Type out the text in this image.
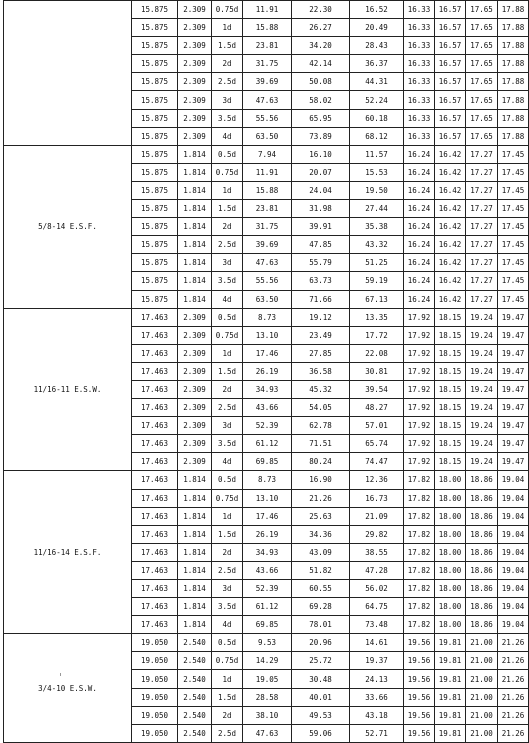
	15.875	2.309	0.75d	11.91	22.30	16.52	16.33	16.57	17.65	17.88
	15.875	2.309	1d	15.88	26.27	20.49	16.33	16.57	17.65	17.88
	15.875	2.309	1.5d	23.81	34.20	28.43	16.33	16.57	17.65	17.88
	15.875	2.309	2d	31.75	42.14	36.37	16.33	16.57	17.65	17.88
	15.875	2.309	2.5d	39.69	50.08	44.31	16.33	16.57	17.65	17.88
	15.875	2.309	3d	47.63	58.02	52.24	16.33	16.57	17.65	17.88
	15.875	2.309	3.5d	55.56	65.95	60.18	16.33	16.57	17.65	17.88
	15.875	2.309	4d	63.50	73.89	68.12	16.33	16.57	17.65	17.88
5/8-14 E.S.F.	15.875	1.814	0.5d	7.94	16.10	11.57	16.24	16.42	17.27	17.45
	15.875	1.814	0.75d	11.91	20.07	15.53	16.24	16.42	17.27	17.45
	15.875	1.814	1d	15.88	24.04	19.50	16.24	16.42	17.27	17.45
	15.875	1.814	1.5d	23.81	31.98	27.44	16.24	16.42	17.27	17.45
	15.875	1.814	2d	31.75	39.91	35.38	16.24	16.42	17.27	17.45
	15.875	1.814	2.5d	39.69	47.85	43.32	16.24	16.42	17.27	17.45
	15.875	1.814	3d	47.63	55.79	51.25	16.24	16.42	17.27	17.45
	15.875	1.814	3.5d	55.56	63.73	59.19	16.24	16.42	17.27	17.45
	15.875	1.814	4d	63.50	71.66	67.13	16.24	16.42	17.27	17.45
11/16-11 E.S.W.	17.463	2.309	0.5d	8.73	19.12	13.35	17.92	18.15	19.24	19.47
	17.463	2.309	0.75d	13.10	23.49	17.72	17.92	18.15	19.24	19.47
	17.463	2.309	1d	17.46	27.85	22.08	17.92	18.15	19.24	19.47
	17.463	2.309	1.5d	26.19	36.58	30.81	17.92	18.15	19.24	19.47
	17.463	2.309	2d	34.93	45.32	39.54	17.92	18.15	19.24	19.47
	17.463	2.309	2.5d	43.66	54.05	48.27	17.92	18.15	19.24	19.47
	17.463	2.309	3d	52.39	62.78	57.01	17.92	18.15	19.24	19.47
	17.463	2.309	3.5d	61.12	71.51	65.74	17.92	18.15	19.24	19.47
	17.463	2.309	4d	69.85	80.24	74.47	17.92	18.15	19.24	19.47
11/16-14 E.S.F.	17.463	1.814	0.5d	8.73	16.90	12.36	17.82	18.00	18.86	19.04
	17.463	1.814	0.75d	13.10	21.26	16.73	17.82	18.00	18.86	19.04
	17.463	1.814	1d	17.46	25.63	21.09	17.82	18.00	18.86	19.04
	17.463	1.814	1.5d	26.19	34.36	29.82	17.82	18.00	18.86	19.04
	17.463	1.814	2d	34.93	43.09	38.55	17.82	18.00	18.86	19.04
	17.463	1.814	2.5d	43.66	51.82	47.28	17.82	18.00	18.86	19.04
	17.463	1.814	3d	52.39	60.55	56.02	17.82	18.00	18.86	19.04
	17.463	1.814	3.5d	61.12	69.28	64.75	17.82	18.00	18.86	19.04
	17.463	1.814	4d	69.85	78.01	73.48	17.82	18.00	18.86	19.04
3/4-10 E.S.W.	19.050	2.540	0.5d	9.53	20.96	14.61	19.56	19.81	21.00	21.26
	19.050	2.540	0.75d	14.29	25.72	19.37	19.56	19.81	21.00	21.26
	19.050	2.540	1d	19.05	30.48	24.13	19.56	19.81	21.00	21.26
	19.050	2.540	1.5d	28.58	40.01	33.66	19.56	19.81	21.00	21.26
	19.050	2.540	2d	38.10	49.53	43.18	19.56	19.81	21.00	21.26
	19.050	2.540	2.5d	47.63	59.06	52.71	19.56	19.81	21.00	21.26
